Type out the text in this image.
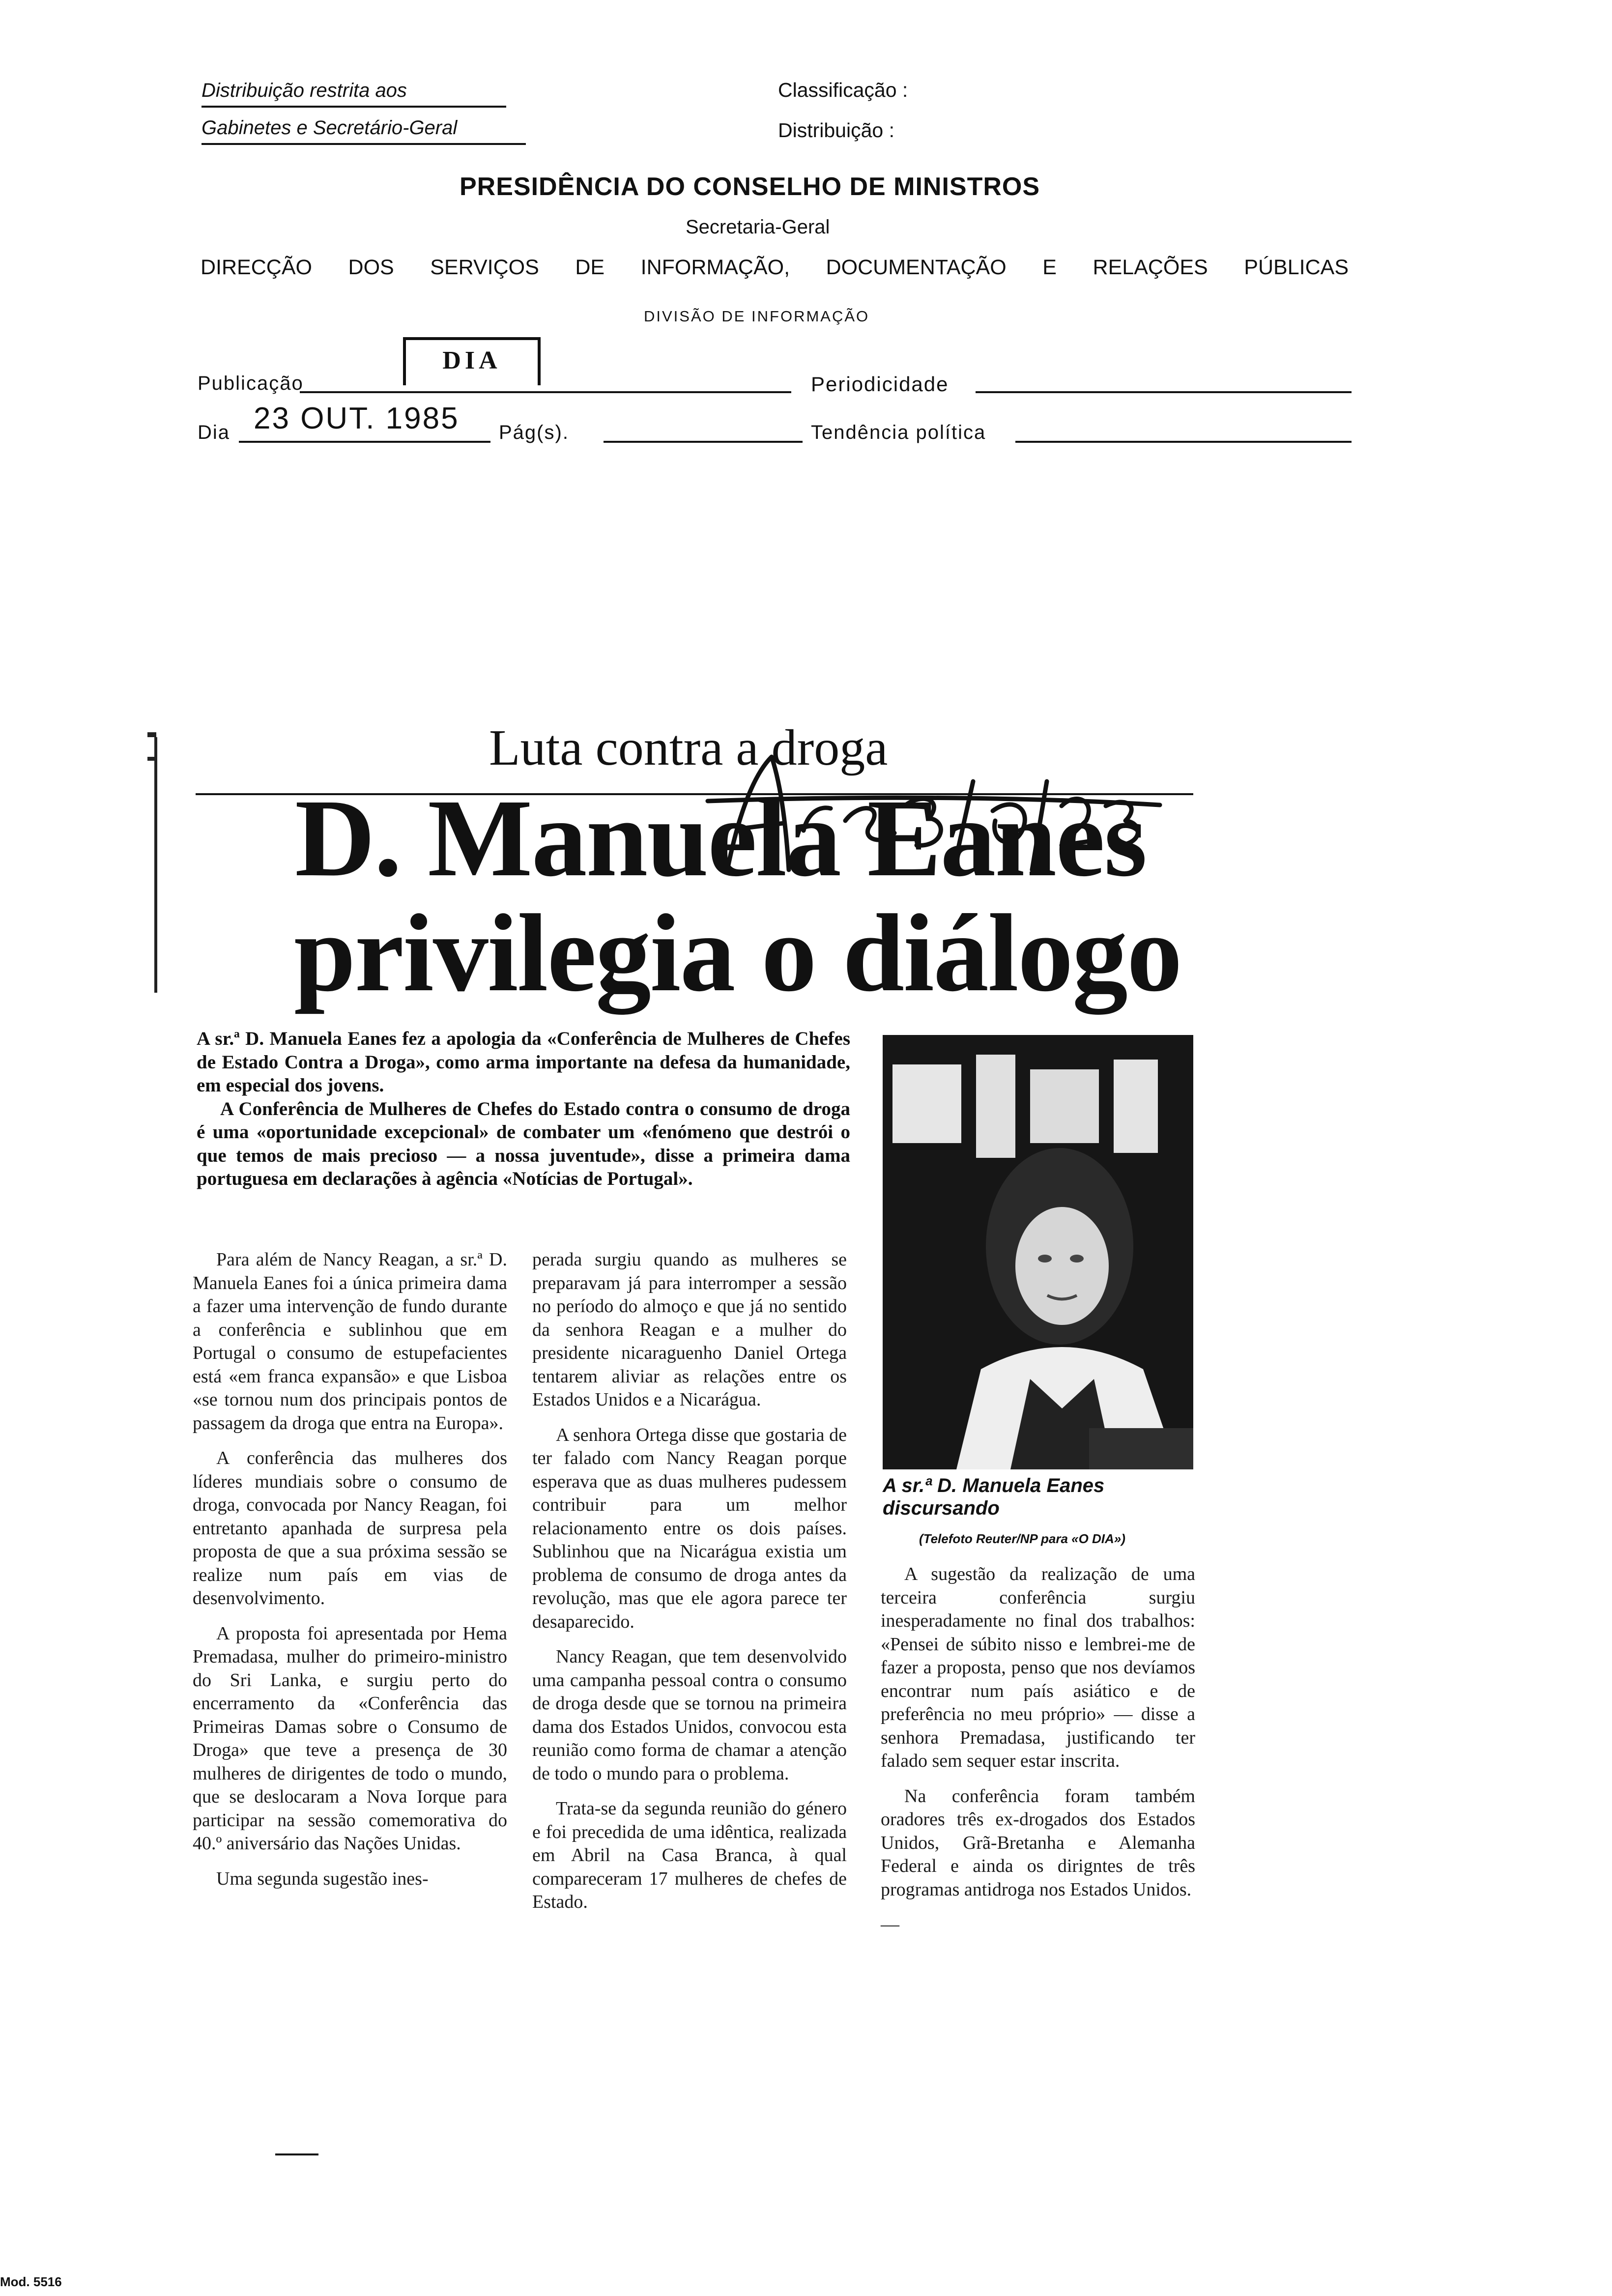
Distribuição restrita aos
Gabinetes e Secretário-Geral
Classificação :
Distribuição :
PRESIDÊNCIA DO CONSELHO DE MINISTROS
Secretaria-Geral
DIRECÇÃO DOS SERVIÇOS DE INFORMAÇÃO, DOCUMENTAÇÃO E RELAÇÕES PÚBLICAS
DIVISÃO DE INFORMAÇÃO
Publicação
DIA
Periodicidade
Dia 23 OUT. 1985 Pág(s).	Tendência política
Luta contra a droga
D. Manuela Eanes
privilegia o diálogo

A sr.ª D. Manuela Eanes fez a apologia da «Conferência de Mulheres de Chefes de Estado Contra a Droga», como arma importante na defesa da humanidade, em especial dos jovens.

A Conferência de Mulheres de Chefes do Estado contra o consumo de droga é uma «oportunidade excepcional» de combater um «fenómeno que destrói o que temos de mais precioso — a nossa juventude», disse a primeira dama portuguesa em declarações à agência «Notícias de Portugal».

Para além de Nancy Reagan, a sr.ª D. Manuela Eanes foi a única primeira dama a fazer uma intervenção de fundo durante a conferência e sublinhou que em Portugal o consumo de estupefacientes está «em franca expansão» e que Lisboa «se tornou num dos principais pontos de passagem da droga que entra na Europa».

A conferência das mulheres dos líderes mundiais sobre o consumo de droga, convocada por Nancy Reagan, foi entretanto apanhada de surpresa pela proposta de que a sua próxima sessão se realize num país em vias de desenvolvimento.

A proposta foi apresentada por Hema Premadasa, mulher do primeiro-ministro do Sri Lanka, e surgiu perto do encerramento da «Conferência das Primeiras Damas sobre o Consumo de Droga» que teve a presença de 30 mulheres de dirigentes de todo o mundo, que se deslocaram a Nova Iorque para participar na sessão comemorativa do 40.º aniversário das Nações Unidas.

Uma segunda sugestão ines-

perada surgiu quando as mulheres se preparavam já para interromper a sessão no período do almoço e que já no sentido da senhora Reagan e a mulher do presidente nicaraguenho Daniel Ortega tentarem aliviar as relações entre os Estados Unidos e a Nicarágua.

A senhora Ortega disse que gostaria de ter falado com Nancy Reagan porque esperava que as duas mulheres pudessem contribuir para um melhor relacionamento entre os dois países. Sublinhou que na Nicarágua existia um problema de consumo de droga antes da revolução, mas que ele agora parece ter desaparecido.

Nancy Reagan, que tem desenvolvido uma campanha pessoal contra o consumo de droga desde que se tornou na primeira dama dos Estados Unidos, convocou esta reunião como forma de chamar a atenção de todo o mundo para o problema.

Trata-se da segunda reunião do género e foi precedida de uma idêntica, realizada em Abril na Casa Branca, à qual compareceram 17 mulheres de chefes de Estado.

A sr.ª D. Manuela Eanes discursando
(Telefoto Reuter/NP para «O DIA»)

A sugestão da realização de uma terceira conferência surgiu inesperadamente no final dos trabalhos: «Pensei de súbito nisso e lembrei-me de fazer a proposta, penso que nos devíamos encontrar num país asiático e de preferência no meu próprio» — disse a senhora Premadasa, justificando ter falado sem sequer estar inscrita.

Na conferência foram também oradores três ex-drogados dos Estados Unidos, Grã-Bretanha e Alemanha Federal e ainda os dirigntes de três programas antidroga nos Estados Unidos.

—

Mod. 5516
